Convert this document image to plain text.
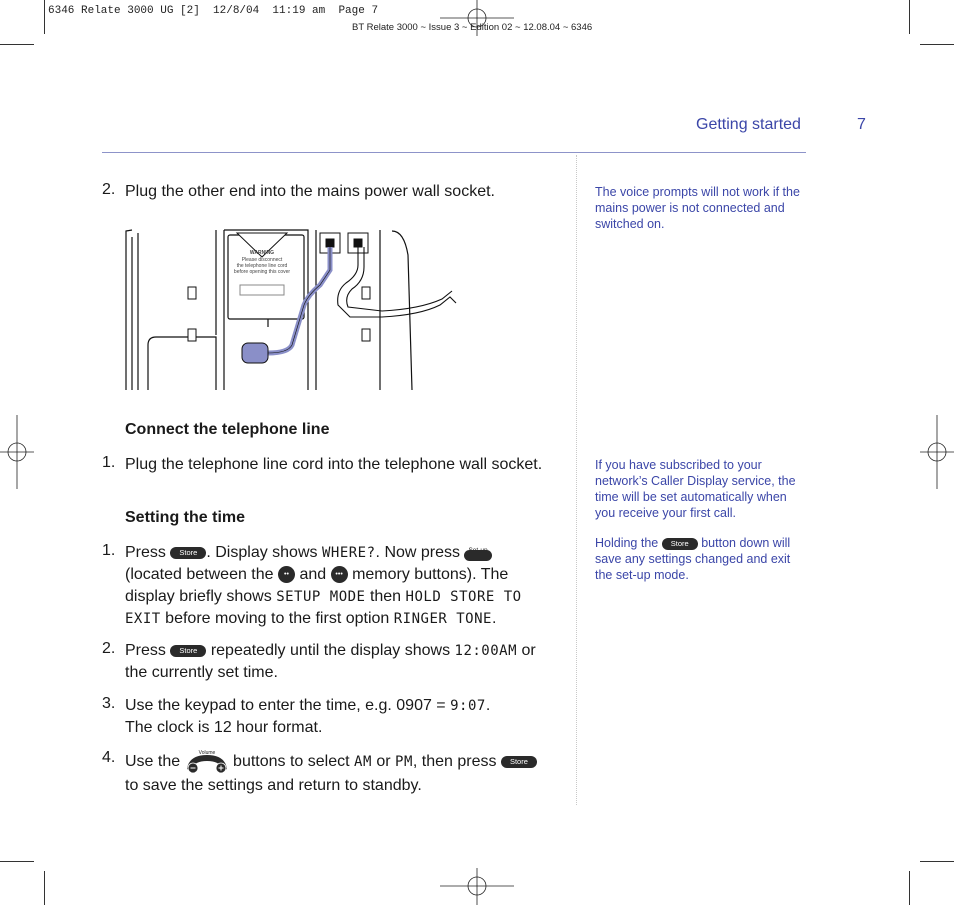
6346 Relate 3000 UG [2]  12/8/04  11:19 am  Page 7
BT Relate 3000 ~ Issue 3 ~ Edition 02 ~ 12.08.04 ~ 6346
Getting started	7
2. Plug the other end into the mains power wall socket.
WARNING
Please disconnect
the telephone line cord
before opening this cover
Connect the telephone line
1. Plug the telephone line cord into the telephone wall socket.
Setting the time
1. Press Store . Display shows WHERE?. Now press
(located between the •• and ••• memory buttons). The
display briefly shows SETUP MODE then HOLD STORE TO
EXIT before moving to the first option RINGER TONE.
2. Press Store repeatedly until the display shows 12:00AM or
the currently set time.
3. Use the keypad to enter the time, e.g. 0907 = 9:07.
The clock is 12 hour format.
4. Use the
Volume
buttons to select AM or PM, then press Store
to save the settings and return to standby.
The voice prompts will not work if the mains power is not connected and switched on.
If you have subscribed to your network’s Caller Display service, the time will be set automatically when you receive your first call.
Holding the Store button down will save any settings changed and exit the set-up mode.
